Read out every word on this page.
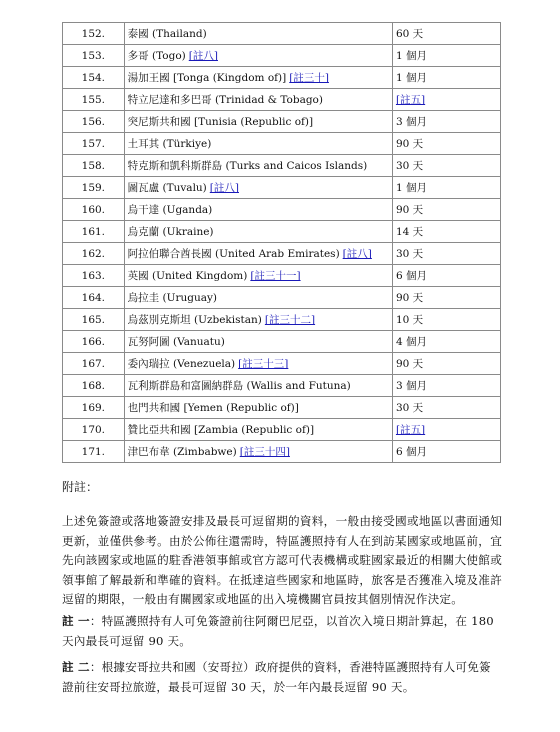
152.	泰國 (Thailand)	60 天
153.	多哥 (Togo) [註八]	1 個月
154.	湯加王國 [Tonga (Kingdom of)] [註三十]	1 個月
155.	特立尼達和多巴哥 (Trinidad & Tobago)	[註五]
156.	突尼斯共和國 [Tunisia (Republic of)]	3 個月
157.	土耳其 (Türkiye)	90 天
158.	特克斯和凱科斯群島 (Turks and Caicos Islands)	30 天
159.	圖瓦盧 (Tuvalu) [註八]	1 個月
160.	烏干達 (Uganda)	90 天
161.	烏克蘭 (Ukraine)	14 天
162.	阿拉伯聯合酋長國 (United Arab Emirates) [註八]	30 天
163.	英國 (United Kingdom) [註三十一]	6 個月
164.	烏拉圭 (Uruguay)	90 天
165.	烏茲別克斯坦 (Uzbekistan) [註三十二]	10 天
166.	瓦努阿圖 (Vanuatu)	4 個月
167.	委內瑞拉 (Venezuela) [註三十三]	90 天
168.	瓦利斯群島和富圖納群島 (Wallis and Futuna)	3 個月
169.	也門共和國 [Yemen (Republic of)]	30 天
170.	贊比亞共和國 [Zambia (Republic of)]	[註五]
171.	津巴布韋 (Zimbabwe) [註三十四]	6 個月
附註：
上述免簽證或落地簽證安排及最長可逗留期的資料，一般由接受國或地區以書面通知更新，並僅供參考。由於公佈往還需時，特區護照持有人在到訪某國家或地區前，宜先向該國家或地區的駐香港領事館或官方認可代表機構或駐國家最近的相關大使館或領事館了解最新和準確的資料。在抵達這些國家和地區時，旅客是否獲准入境及准許逗留的期限，一般由有關國家或地區的出入境機關官員按其個別情況作決定。
註 一：特區護照持有人可免簽證前往阿爾巴尼亞，以首次入境日期計算起，在 180 天內最長可逗留 90 天。
註 二：根據安哥拉共和國（安哥拉）政府提供的資料，香港特區護照持有人可免簽證前往安哥拉旅遊，最長可逗留 30 天，於一年內最長逗留 90 天。
